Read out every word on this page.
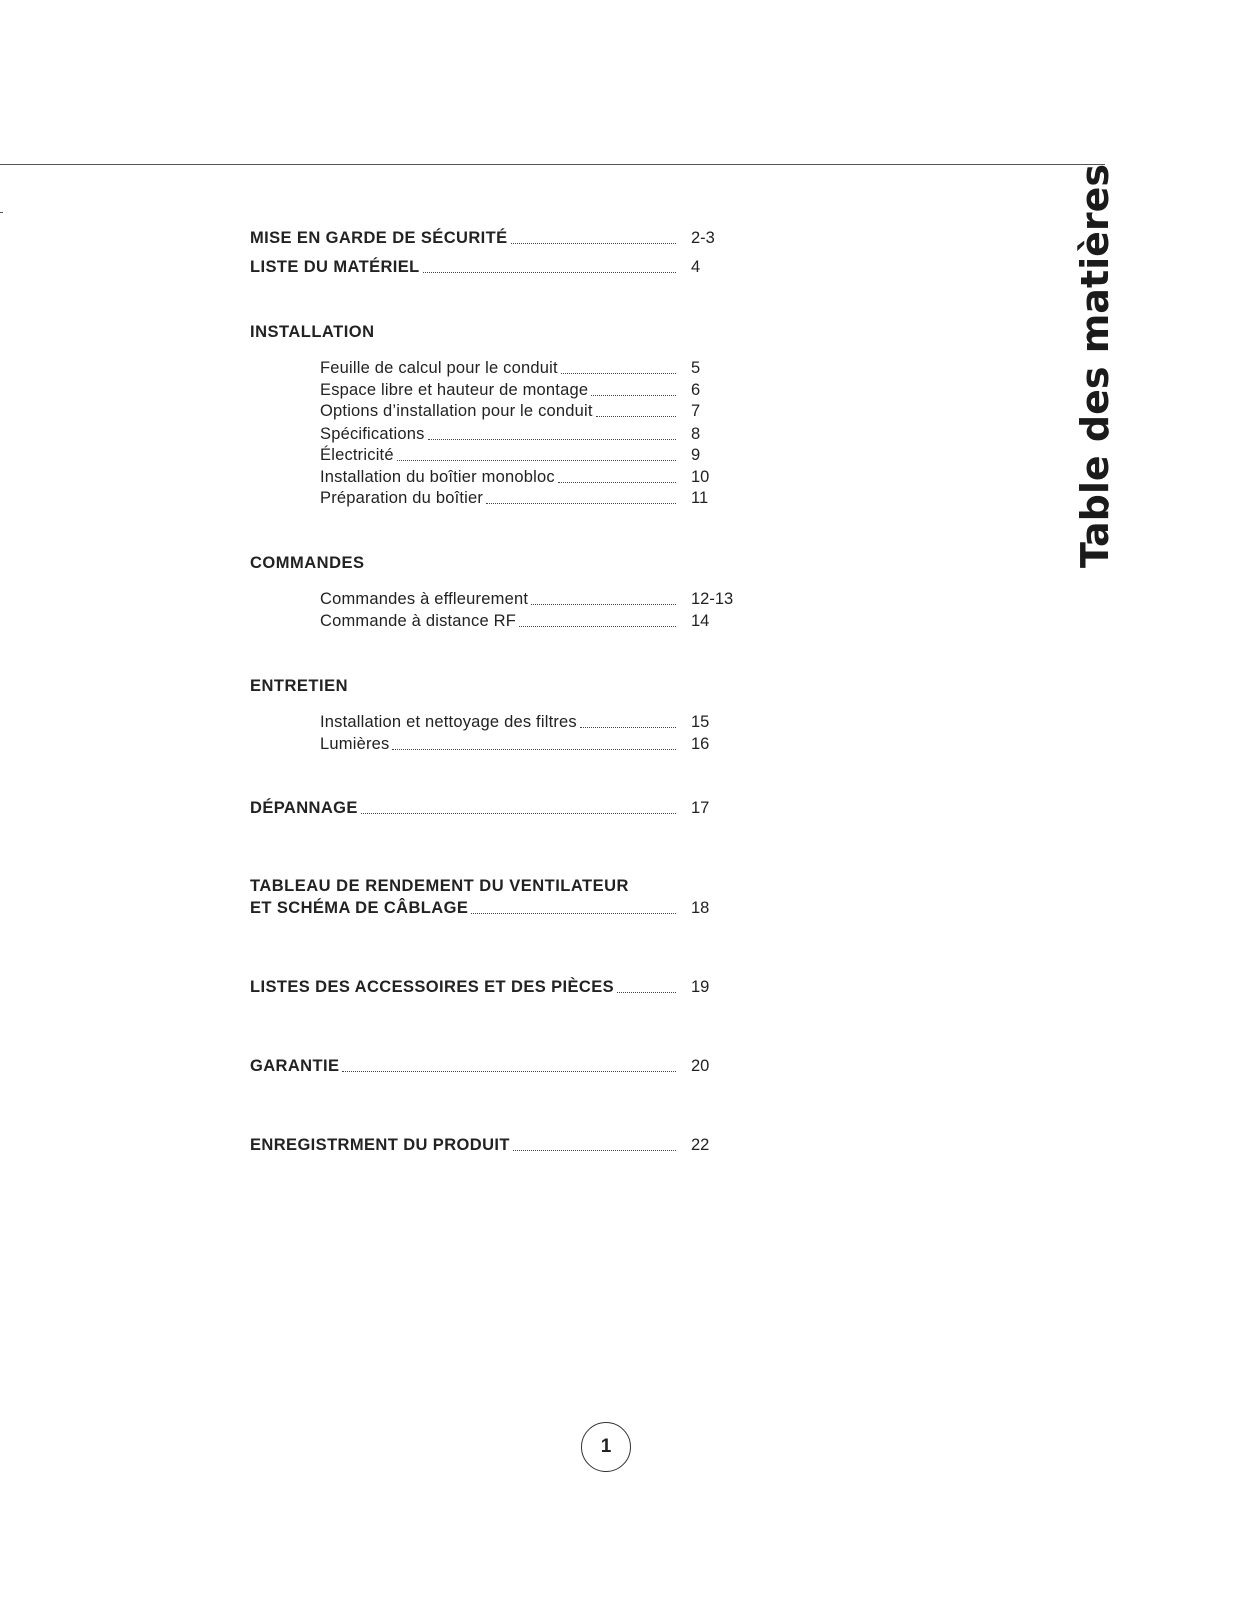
Table des matières
MISE EN GARDE DE SÉCURITÉ	2-3
LISTE DU MATÉRIEL	4
INSTALLATION
Feuille de calcul pour le conduit	5
Espace libre et hauteur de montage	6
Options d’installation pour le conduit	7
Spécifications	8
Électricité	9
Installation du boîtier monobloc	10
Préparation du boîtier	11
COMMANDES
Commandes à effleurement	12-13
Commande à distance RF	14
ENTRETIEN
Installation et nettoyage des filtres	15
Lumières	16
DÉPANNAGE	17
TABLEAU DE RENDEMENT DU VENTILATEUR
ET SCHÉMA DE CÂBLAGE	18
LISTES DES ACCESSOIRES ET DES PIÈCES	19
GARANTIE	20
ENREGISTRMENT DU PRODUIT	22
1
